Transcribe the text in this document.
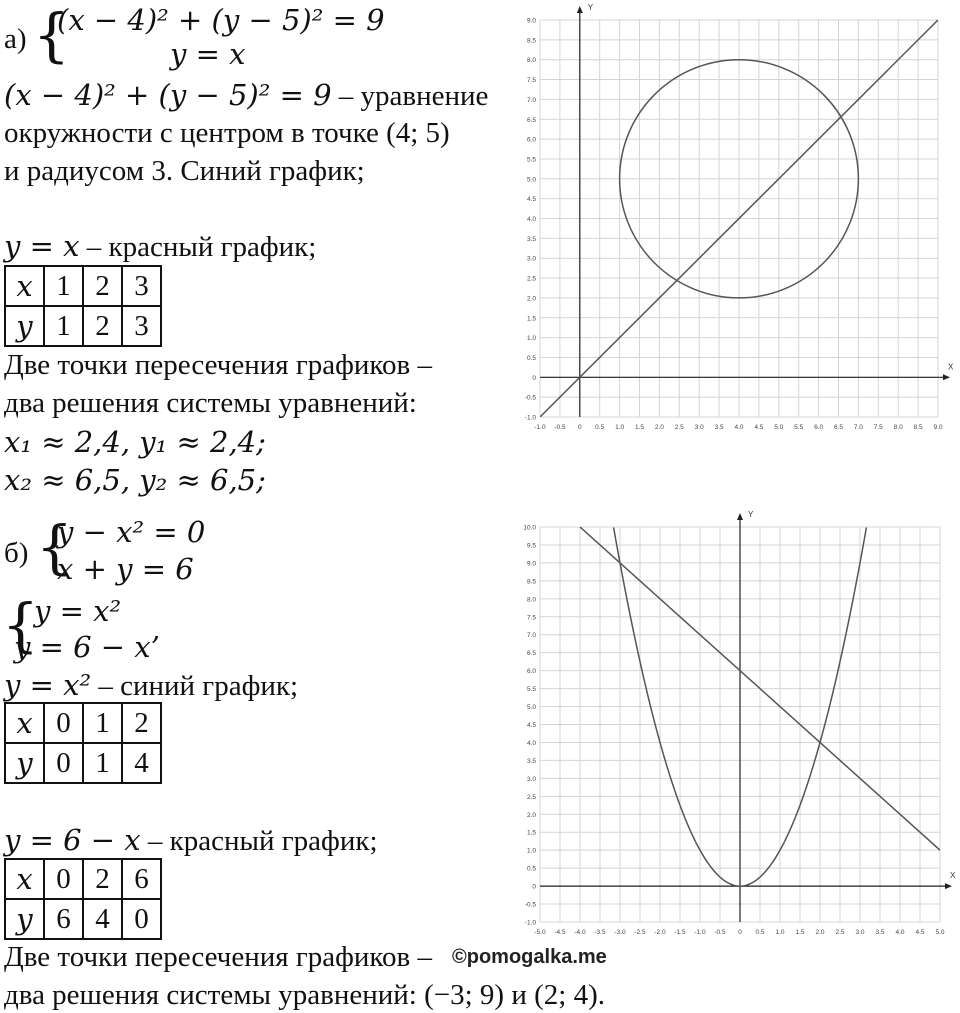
а) {
(x − 4)² + (y − 5)² = 9
y = x
(x − 4)² + (y − 5)² = 9 – уравнение
окружности с центром в точке (4; 5)
и радиусом 3. Синий график;
y = x – красный график;
x	1	2	3
y	1	2	3
Две точки пересечения графиков –
два решения системы уравнений:
x₁ ≈ 2,4, y₁ ≈ 2,4;
x₂ ≈ 6,5, y₂ ≈ 6,5;
б) {
y − x² = 0
x + y = 6
{
y = x²
y = 6 − x’
y = x² – синий график;
x	0	1	2
y	0	1	4
y = 6 − x – красный график;
x	0	2	6
y	6	4	0
Две точки пересечения графиков – ©pomogalka.me
два решения системы уравнений: (−3; 9) и (2; 4).
X
Y
-1.0 -0.5 0 0.5 1.0 1.5 2.0 2.5 3.0 3.5 4.0 4.5 5.0 5.5 6.0 6.5 7.0 7.5 8.0 8.5 9.0
-1.0
-0.5
0
0.5
1.0
1.5
2.0
2.5
3.0
3.5
4.0
4.5
5.0
5.5
6.0
6.5
7.0
7.5
8.0
8.5
9.0
X
Y
-5.0 -4.5 -4.0 -3.5 -3.0 -2.5 -2.0 -1.5 -1.0 -0.5 0 0.5 1.0 1.5 2.0 2.5 3.0 3.5 4.0 4.5 5.0
-1.0
-0.5
0
0.5
1.0
1.5
2.0
2.5
3.0
3.5
4.0
4.5
5.0
5.5
6.0
6.5
7.0
7.5
8.0
8.5
9.0
9.5
10.0
